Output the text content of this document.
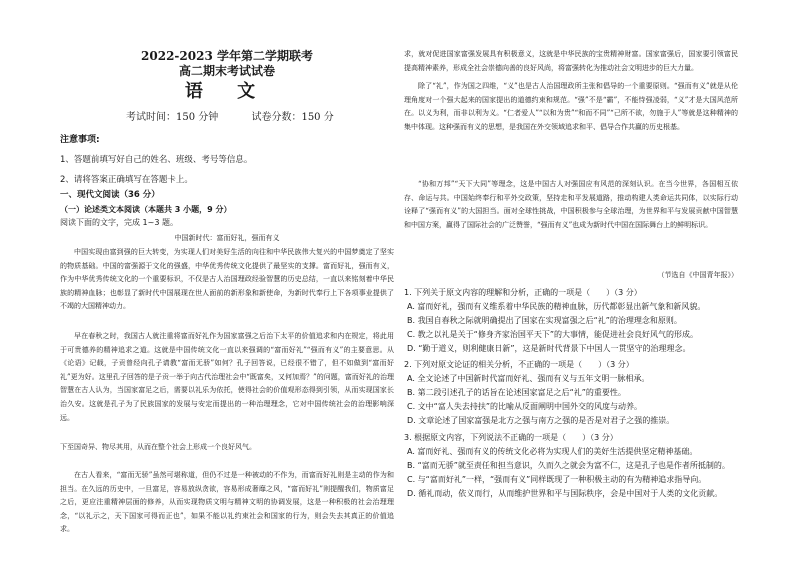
2022-2023 学年第二学期联考
高二期末考试试卷
语 文
考试时间：150 分钟	试卷分数：150 分
注意事项:
1、答题前填写好自己的姓名、班级、考号等信息。
2、请将答案正确填写在答题卡上。
一、现代文阅读（36 分）
（一）论述类文本阅读（本题共 3 小题，9 分）
阅读下面的文字，完成 1~3 题。
中国新时代：富而好礼，强而有义
中国实现由富到强的巨大转变，为实现人们对美好生活的向往和中华民族伟大复兴的中国梦奠定了坚实的物质基础。中国的富强源于文化的强盛，中华优秀传统文化提供了最坚实的支撑。富而好礼，强而有义，作为中华优秀传统文化的一个重要标识，不仅是古人治国理政经验智慧的历史总结，一直以来铭刻着中华民族的精神血脉；也彰显了新时代中国展现在世人面前的新形象和新使命，为新时代奉行上下各项事业提供了不竭的大国精神动力。
早在春秋之时，我国古人就注重将富而好礼作为国家富强之后治下太平的价值追求和内在规定，将此用于可贵德养的精神追求之道。这就是中国传统文化一直以来强调的“富而好礼”“强而有义”的主要意思。从《论语》记载，子贡曾经向孔子请教“富而无骄”如何？孔子回答说，已经很不错了，但不如做到“富而好礼”更为好。这里孔子回答的是子贡一举于向古代治理社会中“既富矣，又何加焉？”的问题，富而好礼的治理智慧在古人认为，当国家富足之后，需要以礼乐为依托，使得社会的价值观形态得到引领，从而实现国家长治久安。这就是孔子为了民族国家的发展与安定而提出的一种治理理念，它对中国传统社会的治理影响深远。
下至国奇异、物尽其用，从而在整个社会上形成一个良好风气。
在古人看来，“富而无骄”虽然可堪称道，但仍不过是一种被动的不作为，而富而好礼则是主动的作为和担当。在久远的历史中，一旦富足，容易放纵贪欲，容易形成奢靡之风，“富而好礼”则提醒我们，物质富足之后，更应注重精神层面的修养，从而实现物质文明与精神文明的协调发展，这是一种积极的社会治理理念，“以礼示之，天下国家可得而正也”，如果不能以礼约束社会和国家的行为，则会失去其真正的价值追求。
求，就对促进国家富强发展具有积极意义，这就是中华民族的宝贵精神财富。国家富强后，国家要引领富民提高精神素养，形成全社会崇德向善的良好风尚，将富强转化为推动社会文明进步的巨大力量。
除了“礼”，作为国之四维，“义”也是古人治国理政所主张和倡导的一个重要原则。“强而有义”就是从伦理角度对一个强大起来的国家提出的道德约束和规范。“强”不是“霸”，不能恃强凌弱，“义”才是大国风范所在。以义为利，而非以利为义。“仁者爱人”“以和为贵”“和而不同”“己所不欲，勿施于人”等就是这种精神的集中体现。这种强而有义的思想，是我国在外交领域追求和平、倡导合作共赢的历史根基。
“协和万邦”“天下大同”等理念，这是中国古人对强国应有风范的深刻认识。在当今世界，各国相互依存、命运与共。中国始终奉行和平外交政策，坚持走和平发展道路，推动构建人类命运共同体，以实际行动诠释了“强而有义”的大国担当。面对全球性挑战，中国积极参与全球治理，为世界和平与发展贡献中国智慧和中国方案，赢得了国际社会的广泛赞誉，“强而有义”也成为新时代中国在国际舞台上的鲜明标识。
（节选自《中国青年报》）
1. 下列关于原文内容的理解和分析，正确的一项是（　　）（3 分）
A. 富而好礼，强而有义维系着中华民族的精神血脉，历代都彰显出新气象和新风貌。
B. 我国自春秋之际就明确提出了国家在实现富强之后“礼”的治理理念和原则。
C. 教之以礼是关于“修身齐家治国平天下”的大事情，能促进社会良好风气的形成。
D. “勤于道义，则利健康日新”，这是新时代背景下中国人一贯坚守的治理理念。
2. 下列对原文论证的相关分析，不正确的一项是（　　）（3 分）
A. 全文论述了中国新时代富而好礼、强而有义与五年文明一脉相承。
B. 第二段引述孔子的话旨在论述国家富足之后“礼”的重要性。
C. 文中“富人失去持扶”的比喻从反面阐明中国外交的风度与动养。
D. 文章论述了国家富强是北方之强与南方之强的是否是对君子之强的推崇。
3. 根据原文内容，下列说法不正确的一项是（　　）（3 分）
A. 富而好礼、强而有义的传统文化必将为实现人们的美好生活提供坚定精神基础。
B. “富而无骄”就至责任和担当意识，久而久之就会为富不仁，这是孔子也是作者所抵制的。
C. 与“富而好礼”一样，“强而有义”同样既现了一种积极主动的有为精神追求指导向。
D. 循礼而动，依义而行，从而维护世界和平与国际秩序，会是中国对于人类的文化贡献。
